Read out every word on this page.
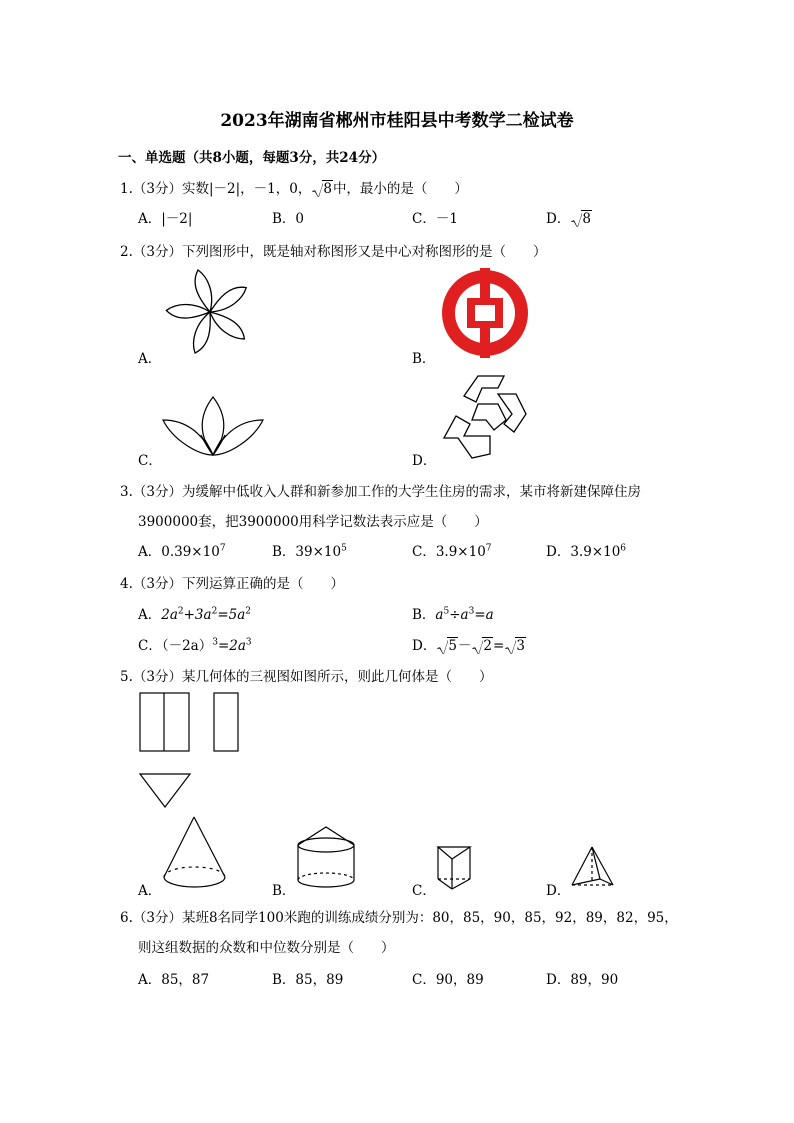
2023年湖南省郴州市桂阳县中考数学二检试卷
一、单选题（共8小题，每题3分，共24分）
1.（3分）实数|－2|，－1，0， 8中，最小的是（　　）
A．|－2|	B．0	C．－1	D． 8
2.（3分）下列图形中，既是轴对称图形又是中心对称图形的是（　　）
A．	B．
C．	D．
3.（3分）为缓解中低收入人群和新参加工作的大学生住房的需求，某市将新建保障住房
3900000套，把3900000用科学记数法表示应是（　　）
A．$0.39\times 10^7$	B．$39\times 10^5$	C．$3.9\times 10^7$	D．$3.9\times 10^6$
4.（3分）下列运算正确的是（　　）
A．$2a^2+3a^2=5a^2$	B．$a^5\div a^3=a$
C．$(-2a)^3=2a^3$	D． 5－ 2= 3
5.（3分）某几何体的三视图如图所示，则此几何体是（　　）
A．	B．	C．	D．
6.（3分）某班8名同学100米跑的训练成绩分别为：80，85，90，85，92，89，82，95，
则这组数据的众数和中位数分别是（　　）
A．85，87	B．85，89	C．90，89	D．89，90
